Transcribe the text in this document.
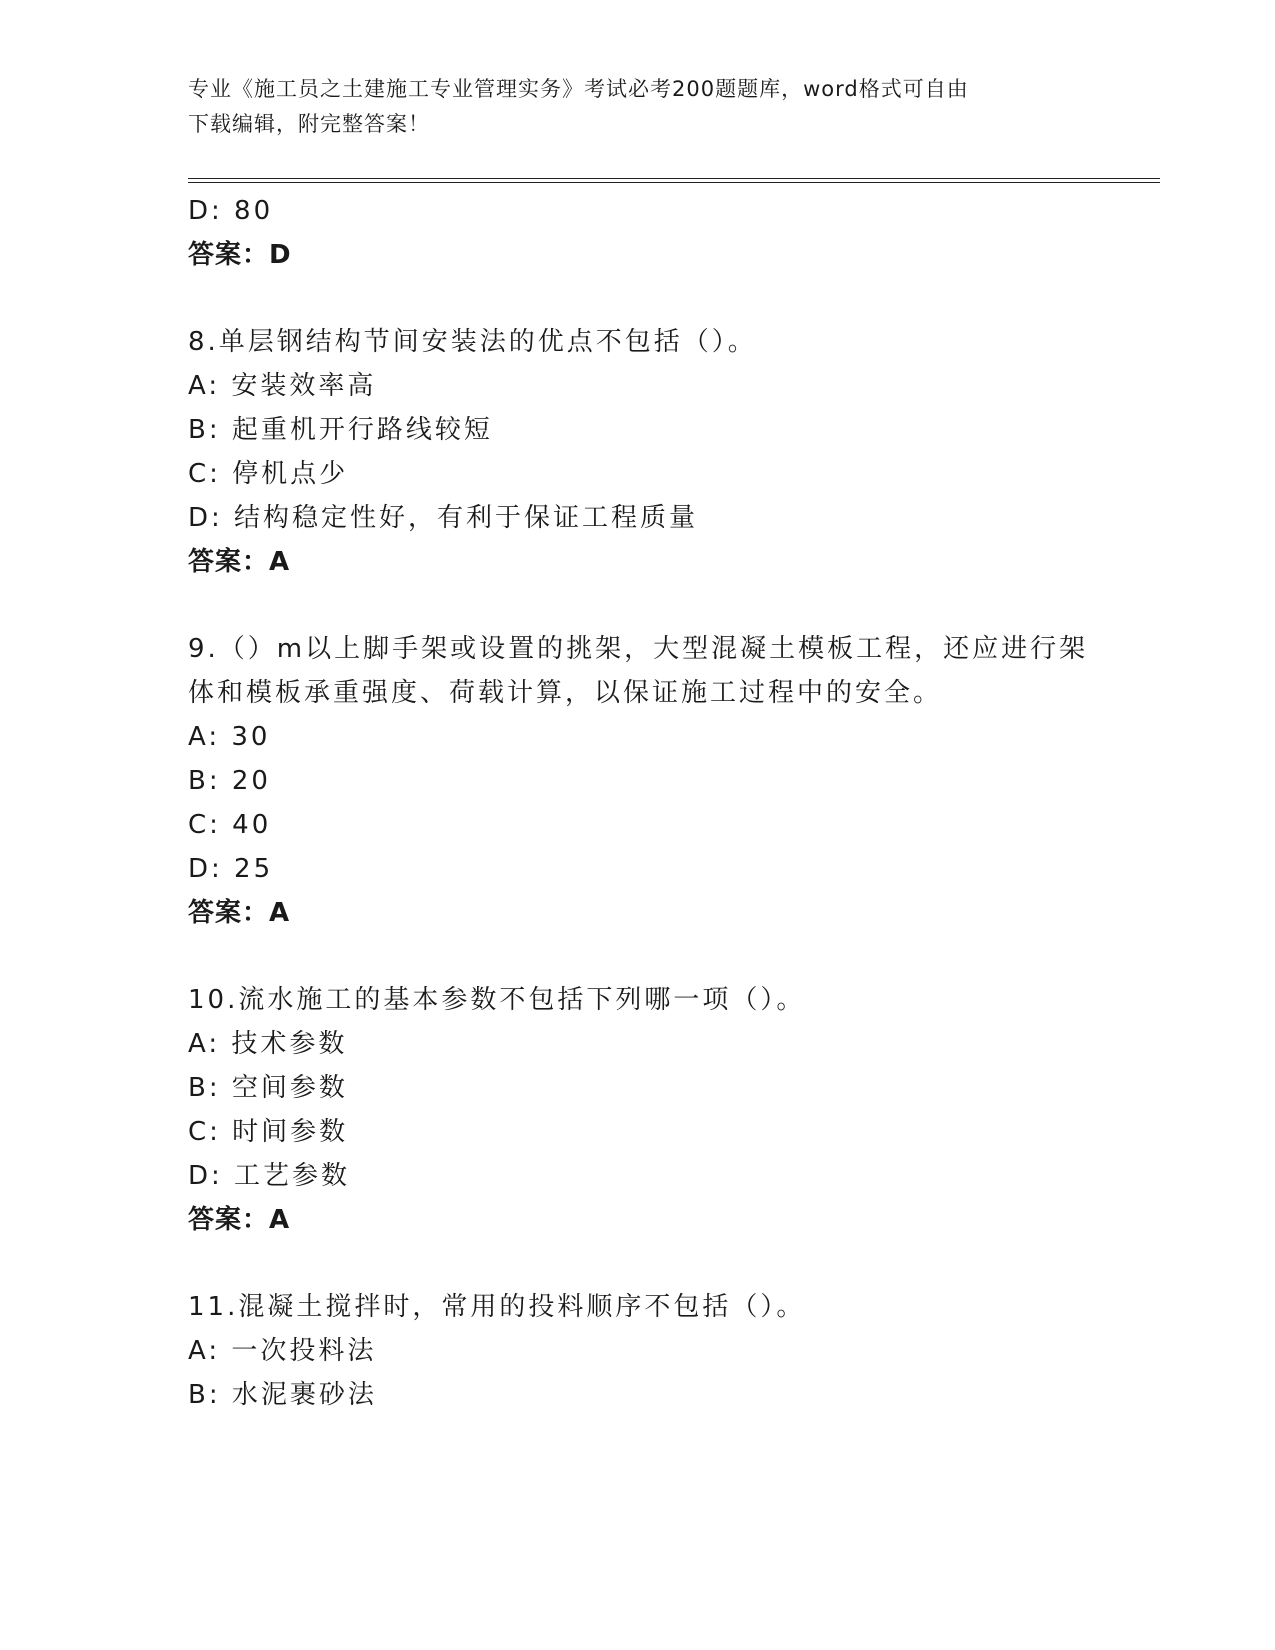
专业《施工员之土建施工专业管理实务》考试必考200题题库，word格式可自由
下载编辑，附完整答案！
D: 80
答案：D
8.单层钢结构节间安装法的优点不包括（）。
A: 安装效率高
B: 起重机开行路线较短
C: 停机点少
D: 结构稳定性好，有利于保证工程质量
答案：A
9.（）m以上脚手架或设置的挑架，大型混凝土模板工程，还应进行架
体和模板承重强度、荷载计算，以保证施工过程中的安全。
A: 30
B: 20
C: 40
D: 25
答案：A
10.流水施工的基本参数不包括下列哪一项（）。
A: 技术参数
B: 空间参数
C: 时间参数
D: 工艺参数
答案：A
11.混凝土搅拌时，常用的投料顺序不包括（）。
A: 一次投料法
B: 水泥裹砂法
